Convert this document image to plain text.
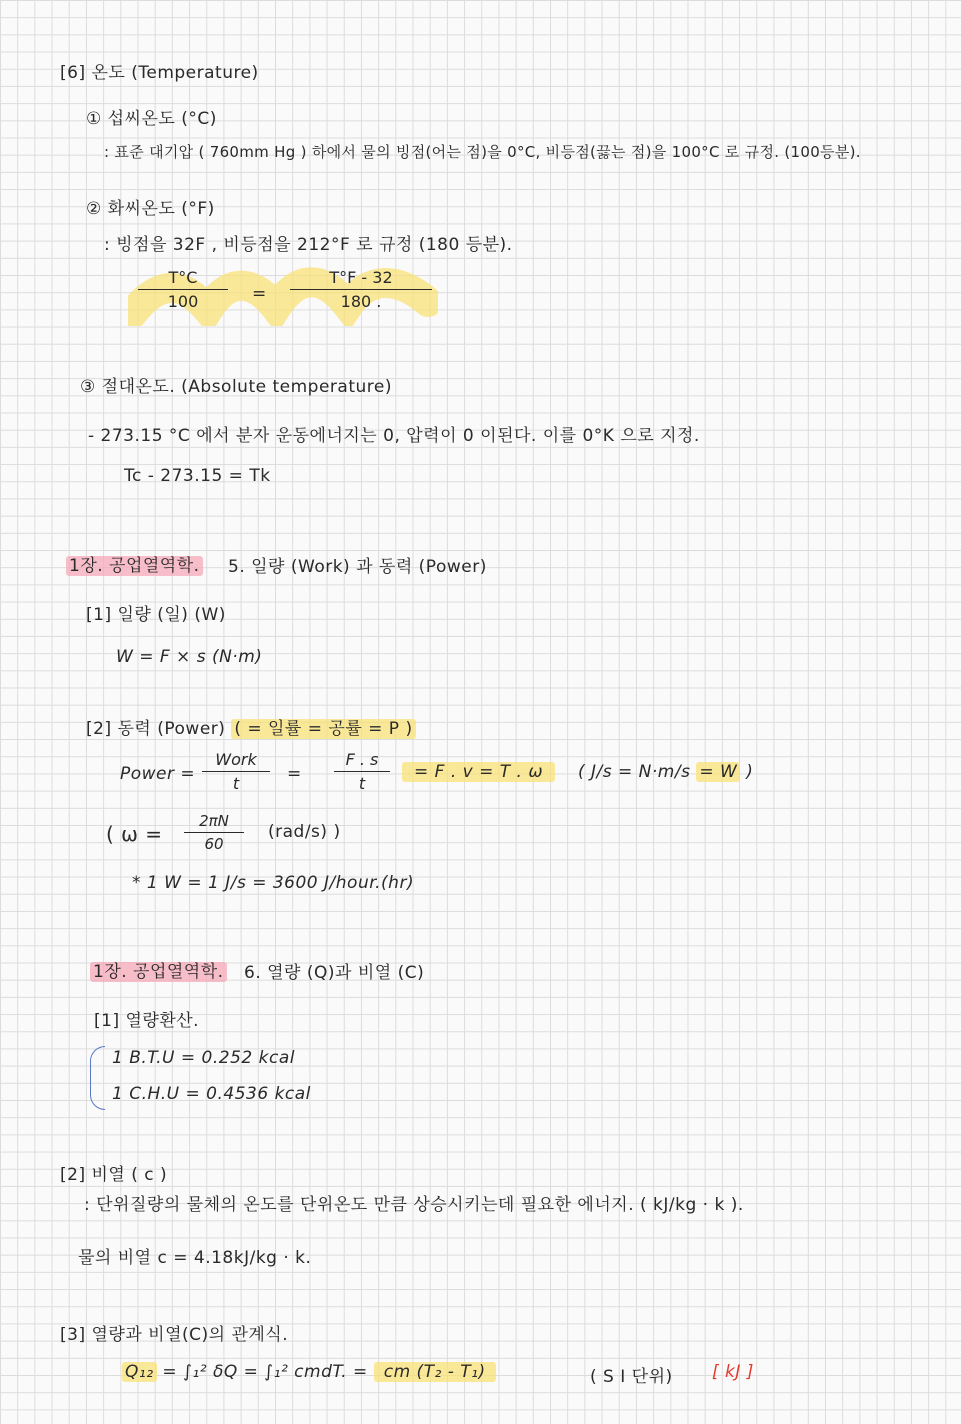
[6] 온도 (Temperature)
① 섭씨온도 (°C)
: 표준 대기압 ( 760mm Hg ) 하에서 물의 빙점(어는 점)을 0°C, 비등점(끓는 점)을 100°C 로 규정. (100등분).
② 화씨온도 (°F)
: 빙점을 32F , 비등점을 212°F 로 규정 (180 등분).
$\frac{T^\circ C}{100} = \frac{T^\circ F - 32}{180 .}$
③ 절대온도. (Absolute temperature)
- 273.15 °C 에서 분자 운동에너지는 0, 압력이 0 이된다. 이를 0°K 으로 지정.
Tc - 273.15 = Tk
1장. 공업열역학. 5. 일량 (Work) 과 동력 (Power)
[1] 일량 (일) (W)
W = F × s (N·m)
[2] 동력 (Power) ( = 일률 = 공률 = P )
Power =
Work
t	= $\frac{F . s}{t}$	= F . v = T . ω	( J/s = N·m/s = W )
( $\omega = \frac{2\pi N}{60} (rad/s)$ )
* 1 W = 1 J/s = 3600 J/hour.(hr)
1장. 공업열역학. 6. 열량 (Q)과 비열 (C)
[1] 열량환산.
1 B.T.U = 0.252 kcal
1 C.H.U = 0.4536 kcal
[2] 비열 ( c )
: 단위질량의 물체의 온도를 단위온도 만큼 상승시키는데 필요한 에너지. ( kJ/kg · k ).
물의 비열 c = 4.18kJ/kg · k.
[3] 열량과 비열(C)의 관계식.
Q₁₂ = ∫₁² δQ = ∫₁² cmdT. = cm (T₂ - T₁)	( S I 단위) [ kJ ]
